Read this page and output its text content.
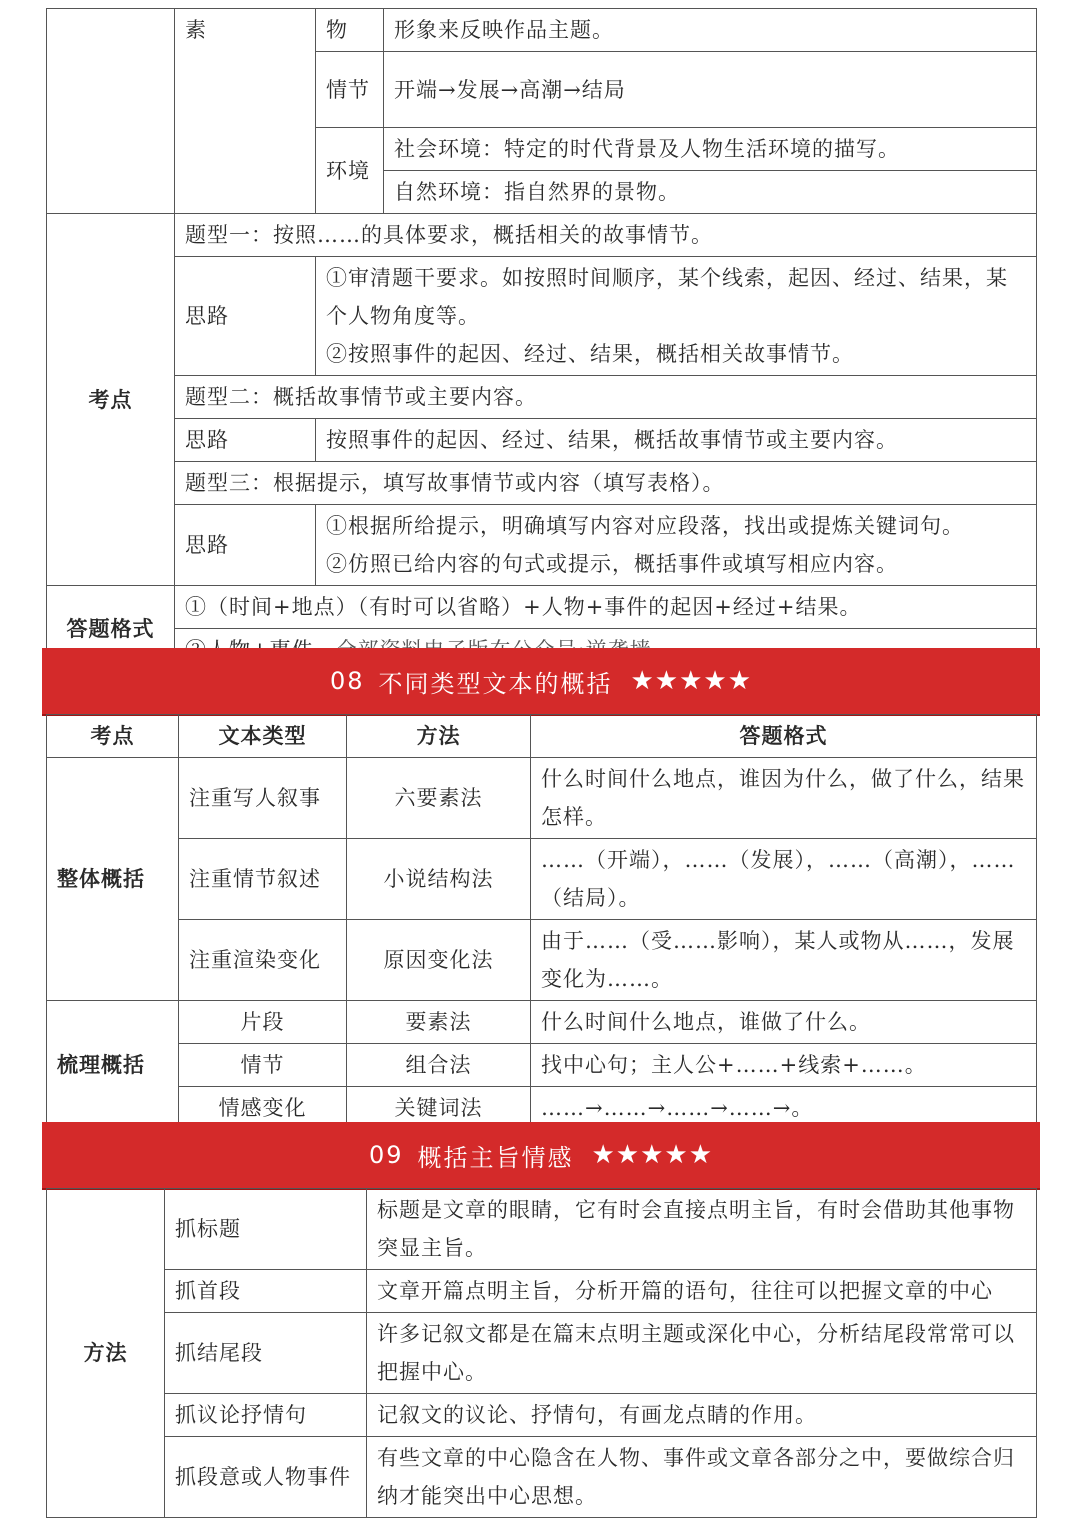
	素	物	形象来反映作品主题。
		情节	开端→发展→高潮→结局
		环境	社会环境：特定的时代背景及人物生活环境的描写。
			自然环境：指自然界的景物。

考点	题型一：按照……的具体要求，概括相关的故事情节。		
	思路	①审清题干要求。如按照时间顺序，某个线索，起因、经过、结果，某个人物角度等。
②按照事件的起因、经过、结果，概括相关故事情节。	

	题型二：概括故事情节或主要内容。		
	思路	按照事件的起因、经过、结果，概括故事情节或主要内容。	
	题型三：根据提示，填写故事情节或内容（填写表格）。		
	思路	①根据所给提示，明确填写内容对应段落，找出或提炼关键词句。
②仿照已给内容的句式或提示，概括事件或填写相应内容。	

答题格式	①（时间+地点）（有时可以省略）+人物+事件的起因+经过+结果。		

08 不同类型文本的概括 ★★★★★
考点	文本类型	方法	答题格式
整体概括	注重写人叙事	六要素法	什么时间什么地点，谁因为什么，做了什么，结果怎样。
	注重情节叙述	小说结构法	……（开端），……（发展），……（高潮），……（结局）。
	注重渲染变化	原因变化法	由于……（受……影响），某人或物从……，发展变化为……。
梳理概括	片段	要素法	什么时间什么地点，谁做了什么。
	情节	组合法	找中心句；主人公+……+线索+……。
	情感变化	关键词法	……→……→……→……→。
09 概括主旨情感 ★★★★★
方法	抓标题	标题是文章的眼睛，它有时会直接点明主旨，有时会借助其他事物突显主旨。
	抓首段	文章开篇点明主旨，分析开篇的语句，往往可以把握文章的中心
	抓结尾段	许多记叙文都是在篇末点明主题或深化中心，分析结尾段常常可以把握中心。
	抓议论抒情句	记叙文的议论、抒情句，有画龙点睛的作用。
	抓段意或人物事件	有些文章的中心隐含在人物、事件或文章各部分之中，要做综合归纳才能突出中心思想。
